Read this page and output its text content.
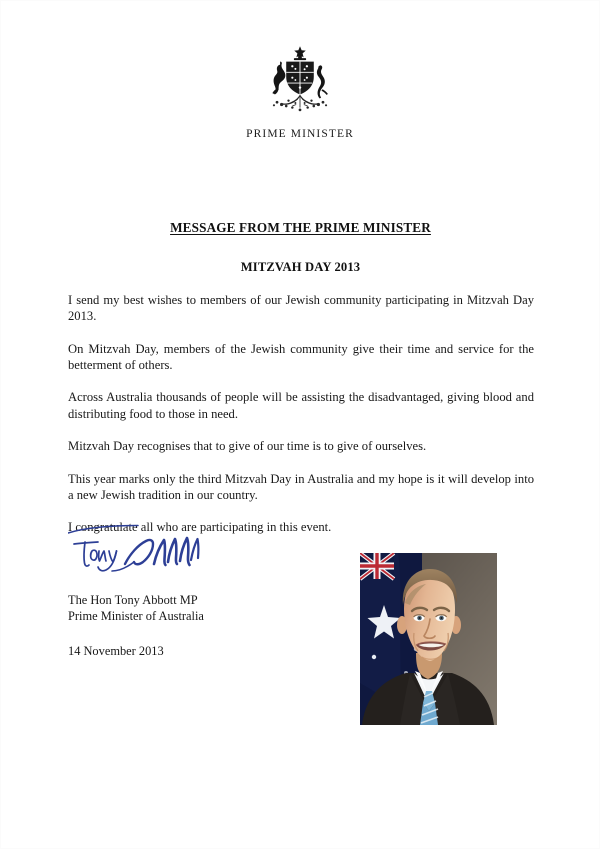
PRIME MINISTER
MESSAGE FROM THE PRIME MINISTER
MITZVAH DAY 2013

I send my best wishes to members of our Jewish community participating in Mitzvah Day 2013.

On Mitzvah Day, members of the Jewish community give their time and service for the betterment of others.

Across Australia thousands of people will be assisting the disadvantaged, giving blood and distributing food to those in need.

Mitzvah Day recognises that to give of our time is to give of ourselves.

This year marks only the third Mitzvah Day in Australia and my hope is it will develop into a new Jewish tradition in our country.

I congratulate all who are participating in this event.

The Hon Tony Abbott MP
Prime Minister of Australia
14 November 2013
